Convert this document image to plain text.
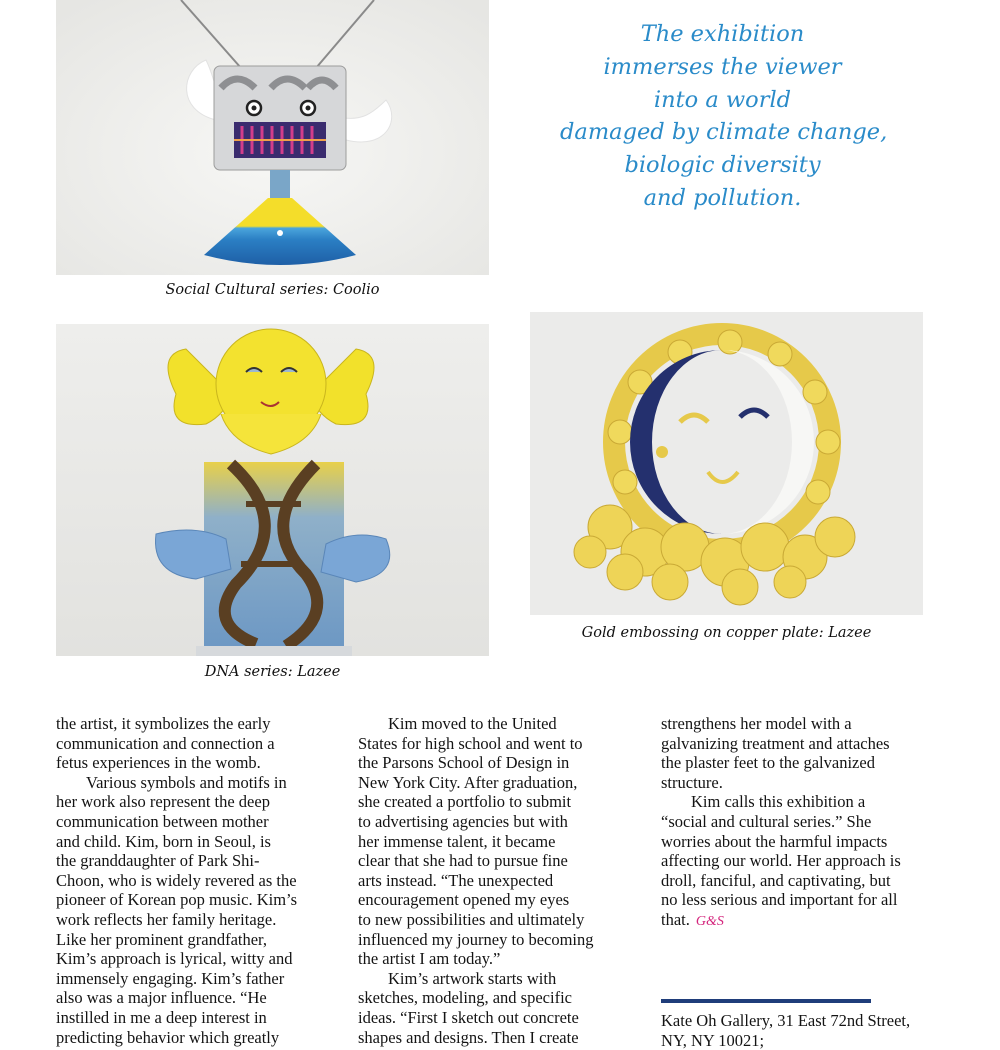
The exhibition
immerses the viewer
into a world
damaged by climate change,
biologic diversity
and pollution.
Social Cultural series: Coolio
DNA series: Lazee
Gold embossing on copper plate: Lazee
the artist, it symbolizes the early
communication and connection a
fetus experiences in the womb.
Various symbols and motifs in
her work also represent the deep
communication between mother
and child. Kim, born in Seoul, is
the granddaughter of Park Shi-
Choon, who is widely revered as the
pioneer of Korean pop music. Kim’s
work reflects her family heritage.
Like her prominent grandfather,
Kim’s approach is lyrical, witty and
immensely engaging. Kim’s father
also was a major influence. “He
instilled in me a deep interest in
predicting behavior which greatly
Kim moved to the United
States for high school and went to
the Parsons School of Design in
New York City. After graduation,
she created a portfolio to submit
to advertising agencies but with
her immense talent, it became
clear that she had to pursue fine
arts instead. “The unexpected
encouragement opened my eyes
to new possibilities and ultimately
influenced my journey to becoming
the artist I am today.”
Kim’s artwork starts with
sketches, modeling, and specific
ideas. “First I sketch out concrete
shapes and designs. Then I create
strengthens her model with a
galvanizing treatment and attaches
the plaster feet to the galvanized
structure.
Kim calls this exhibition a
“social and cultural series.” She
worries about the harmful impacts
affecting our world. Her approach is
droll, fanciful, and captivating, but
no less serious and important for all
that. G&S
Kate Oh Gallery, 31 East 72nd Street,
NY, NY 10021;
